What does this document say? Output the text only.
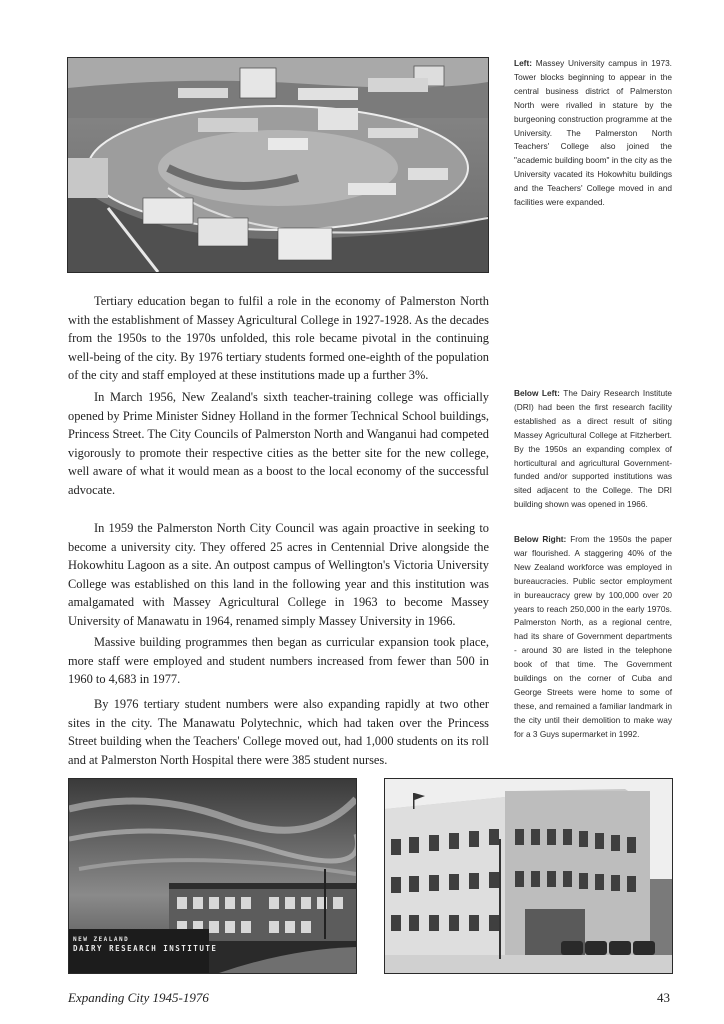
Left: Massey University campus in 1973. Tower blocks beginning to appear in the central business district of Palmerston North were rivalled in stature by the burgeoning construction programme at the University. The Palmerston North Teachers' College also joined the "academic building boom" in the city as the University vacated its Hokowhitu buildings and the Teachers' College moved in and facilities were expanded.

Tertiary education began to fulfil a role in the economy of Palmerston North with the establishment of Massey Agricultural College in 1927-1928. As the decades from the 1950s to the 1970s unfolded, this role became pivotal in the continuing well-being of the city. By 1976 tertiary students formed one-eighth of the population of the city and staff employed at these institutions made up a further 3%.

In March 1956, New Zealand's sixth teacher-training college was officially opened by Prime Minister Sidney Holland in the former Technical School buildings, Princess Street. The City Councils of Palmerston North and Wanganui had competed vigorously to promote their respective cities as the better site for the new college, well aware of what it would mean as a boost to the local economy of the successful advocate.

In 1959 the Palmerston North City Council was again proactive in seeking to become a university city. They offered 25 acres in Centennial Drive alongside the Hokowhitu Lagoon as a site. An outpost campus of Wellington's Victoria University College was established on this land in the following year and this institution was amalgamated with Massey Agricultural College in 1963 to become Massey University of Manawatu in 1964, renamed simply Massey University in 1966.

Massive building programmes then began as curricular expansion took place, more staff were employed and student numbers increased from fewer than 500 in 1960 to 4,683 in 1977.

By 1976 tertiary student numbers were also expanding rapidly at two other sites in the city. The Manawatu Polytechnic, which had taken over the Princess Street building when the Teachers' College moved out, had 1,000 students on its roll and at Palmerston North Hospital there were 385 student nurses.

Below Left: The Dairy Research Institute (DRI) had been the first research facility established as a direct result of siting Massey Agricultural College at Fitzherbert. By the 1950s an expanding complex of horticultural and agricultural Government-funded and/or supported institutions was sited adjacent to the College. The DRI building shown was opened in 1966.

Below Right: From the 1950s the paper war flourished. A staggering 40% of the New Zealand workforce was employed in bureaucracies. Public sector employment in bureaucracy grew by 100,000 over 20 years to reach 250,000 in the early 1970s. Palmerston North, as a regional centre, had its share of Government departments - around 30 are listed in the telephone book of that time. The Government buildings on the corner of Cuba and George Streets were home to some of these, and remained a familiar landmark in the city until their demolition to make way for a 3 Guys supermarket in 1992.

NEW ZEALAND
DAIRY RESEARCH INSTITUTE
Expanding City 1945-1976	43
